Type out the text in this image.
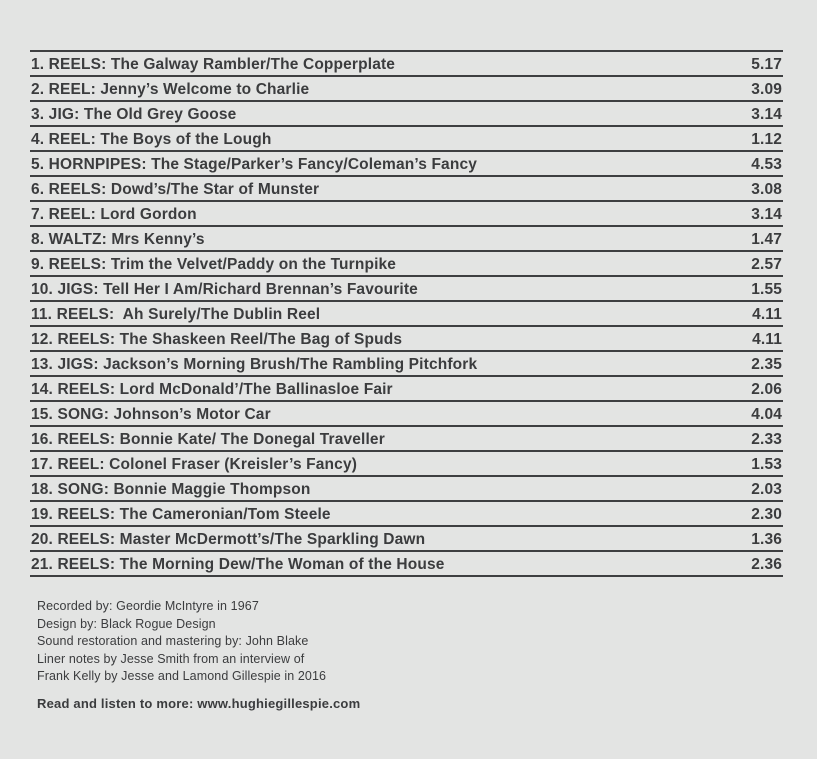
1. REELS: The Galway Rambler/The Copperplate	5.17
2. REEL: Jenny’s Welcome to Charlie	3.09
3. JIG: The Old Grey Goose	3.14
4. REEL: The Boys of the Lough	1.12
5. HORNPIPES: The Stage/Parker’s Fancy/Coleman’s Fancy	4.53
6. REELS: Dowd’s/The Star of Munster	3.08
7. REEL: Lord Gordon	3.14
8. WALTZ: Mrs Kenny’s	1.47
9. REELS: Trim the Velvet/Paddy on the Turnpike	2.57
10. JIGS: Tell Her I Am/Richard Brennan’s Favourite	1.55
11. REELS:  Ah Surely/The Dublin Reel	4.11
12. REELS: The Shaskeen Reel/The Bag of Spuds	4.11
13. JIGS: Jackson’s Morning Brush/The Rambling Pitchfork	2.35
14. REELS: Lord McDonald’/The Ballinasloe Fair	2.06
15. SONG: Johnson’s Motor Car	4.04
16. REELS: Bonnie Kate/ The Donegal Traveller	2.33
17. REEL: Colonel Fraser (Kreisler’s Fancy)	1.53
18. SONG: Bonnie Maggie Thompson	2.03
19. REELS: The Cameronian/Tom Steele	2.30
20. REELS: Master McDermott’s/The Sparkling Dawn	1.36
21. REELS: The Morning Dew/The Woman of the House	2.36
Recorded by: Geordie McIntyre in 1967
Design by: Black Rogue Design
Sound restoration and mastering by: John Blake
Liner notes by Jesse Smith from an interview of
Frank Kelly by Jesse and Lamond Gillespie in 2016
Read and listen to more: www.hughiegillespie.com
